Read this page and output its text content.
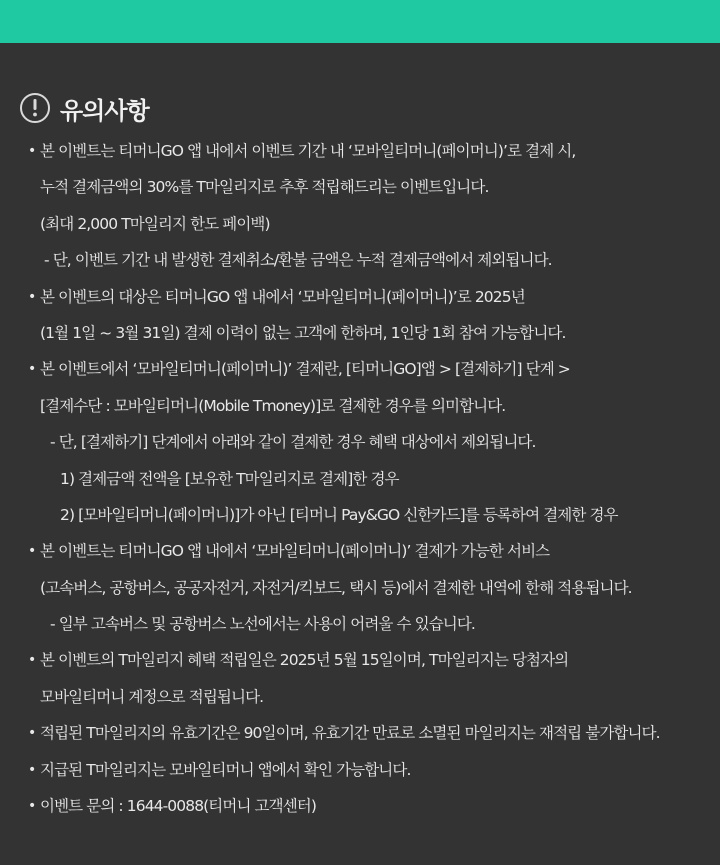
유의사항
• 본 이벤트는 티머니GO 앱 내에서 이벤트 기간 내 ‘모바일티머니(페이머니)’로 결제 시,
누적 결제금액의 30%를 T마일리지로 추후 적립해드리는 이벤트입니다.
(최대 2,000 T마일리지 한도 페이백)
- 단, 이벤트 기간 내 발생한 결제취소/환불 금액은 누적 결제금액에서 제외됩니다.
• 본 이벤트의 대상은 티머니GO 앱 내에서 ‘모바일티머니(페이머니)’로 2025년
(1월 1일 ~ 3월 31일) 결제 이력이 없는 고객에 한하며, 1인당 1회 참여 가능합니다.
• 본 이벤트에서 ‘모바일티머니(페이머니)’ 결제란, [티머니GO]앱 > [결제하기] 단계 >
[결제수단 : 모바일티머니(Mobile Tmoney)]로 결제한 경우를 의미합니다.
- 단, [결제하기] 단계에서 아래와 같이 결제한 경우 혜택 대상에서 제외됩니다.
1) 결제금액 전액을 [보유한 T마일리지로 결제]한 경우
2) [모바일티머니(페이머니)]가 아닌 [티머니 Pay&GO 신한카드]를 등록하여 결제한 경우
• 본 이벤트는 티머니GO 앱 내에서 ‘모바일티머니(페이머니)’ 결제가 가능한 서비스
(고속버스, 공항버스, 공공자전거, 자전거/킥보드, 택시 등)에서 결제한 내역에 한해 적용됩니다.
- 일부 고속버스 및 공항버스 노선에서는 사용이 어려울 수 있습니다.
• 본 이벤트의 T마일리지 혜택 적립일은 2025년 5월 15일이며, T마일리지는 당첨자의
모바일티머니 계정으로 적립됩니다.
• 적립된 T마일리지의 유효기간은 90일이며, 유효기간 만료로 소멸된 마일리지는 재적립 불가합니다.
• 지급된 T마일리지는 모바일티머니 앱에서 확인 가능합니다.
• 이벤트 문의 : 1644-0088(티머니 고객센터)
